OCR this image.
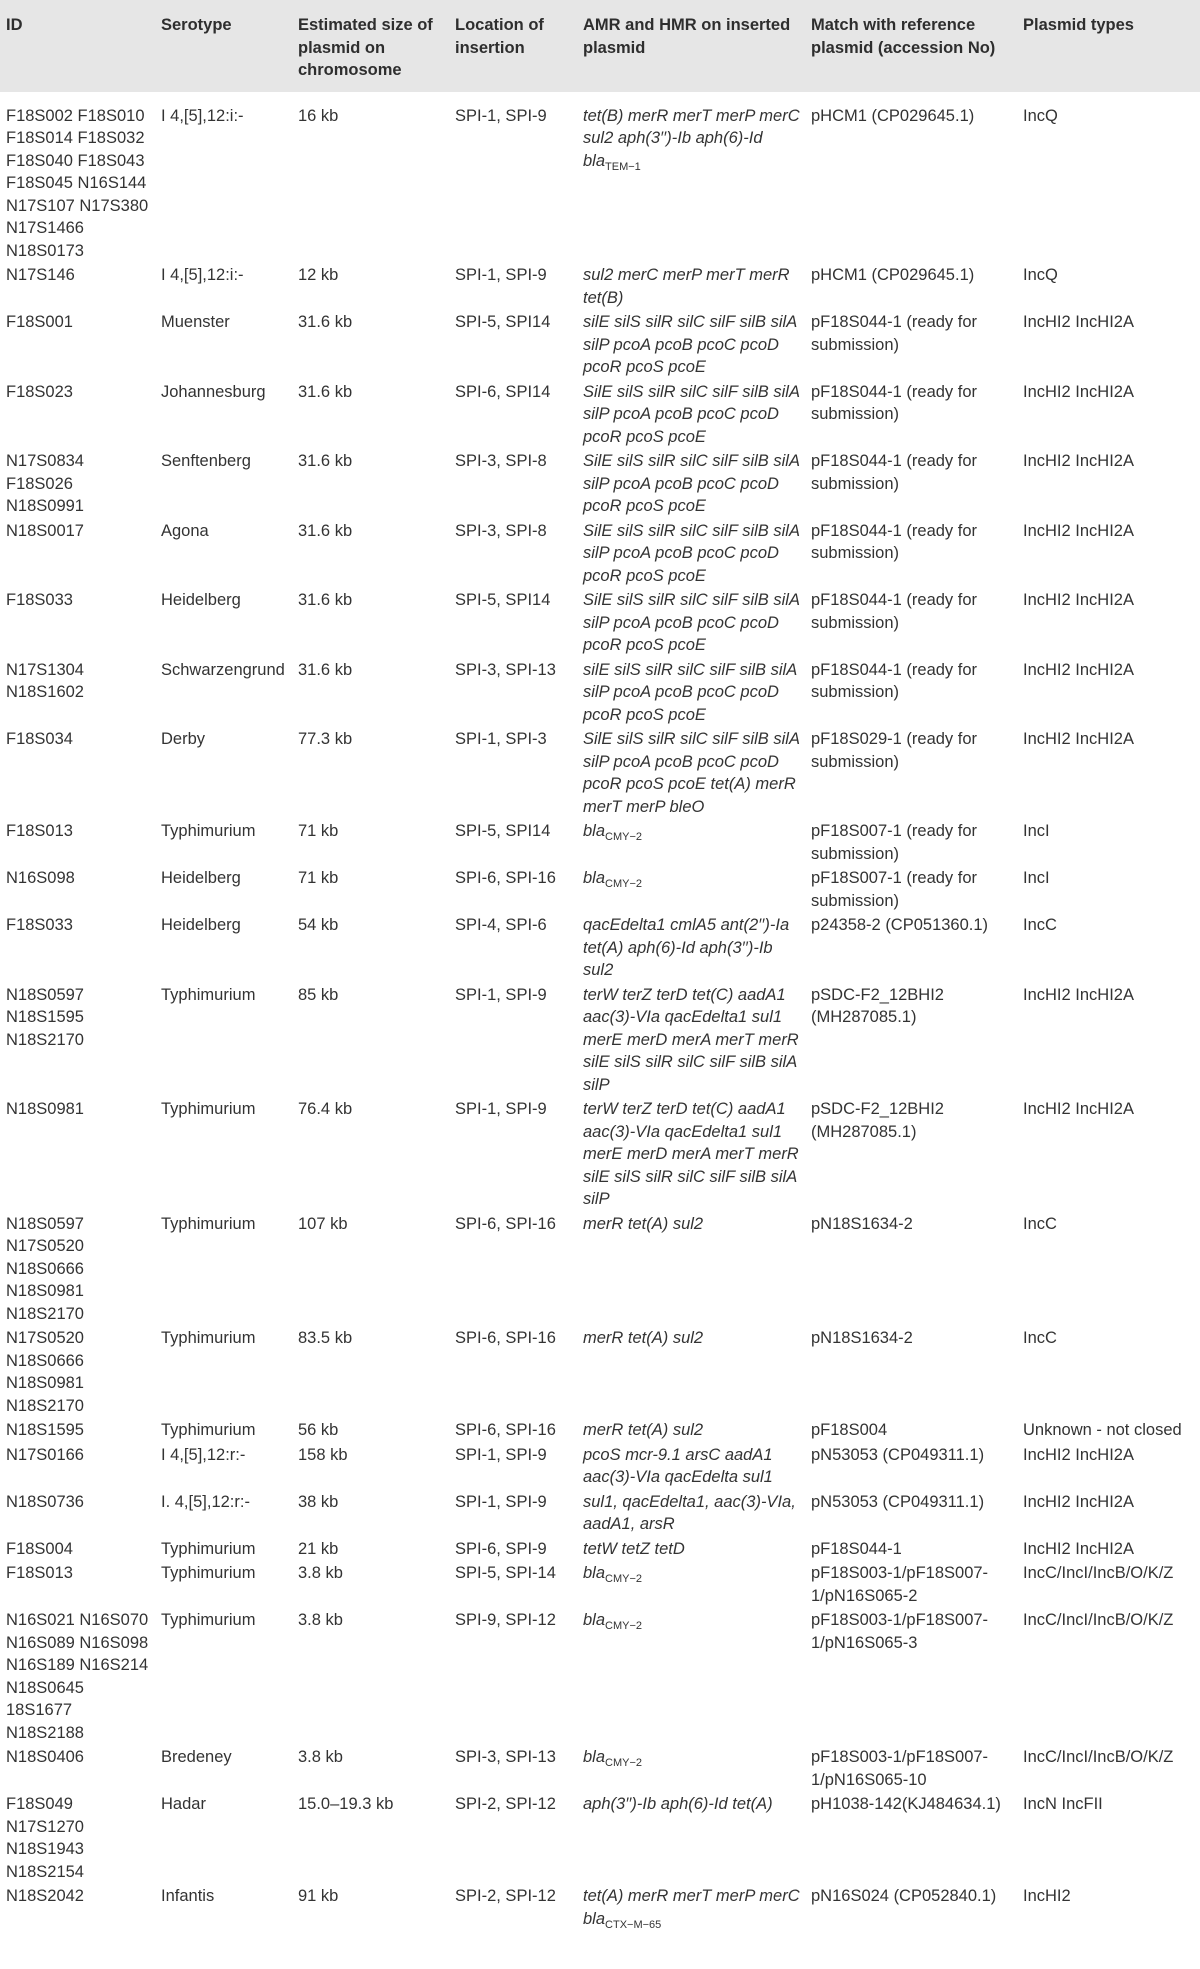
ID	Serotype	Estimated size of plasmid on chromosome	Location of insertion	AMR and HMR on inserted plasmid	Match with reference plasmid (accession No)	Plasmid types
F18S002 F18S010 F18S014 F18S032 F18S040 F18S043 F18S045 N16S144 N17S107 N17S380 N17S1466 N18S0173	I 4,[5],12:i:-	16 kb	SPI-1, SPI-9	tet(B) merR merT merP merC sul2 aph(3′′)-Ib aph(6)-Id bla$_{TEM-1}$	pHCM1 (CP029645.1)	IncQ
N17S146	I 4,[5],12:i:-	12 kb	SPI-1, SPI-9	sul2 merC merP merT merR tet(B)	pHCM1 (CP029645.1)	IncQ
F18S001	Muenster	31.6 kb	SPI-5, SPI14	silE silS silR silC silF silB silA silP pcoA pcoB pcoC pcoD pcoR pcoS pcoE	pF18S044-1 (ready for submission)	IncHI2 IncHI2A
F18S023	Johannesburg	31.6 kb	SPI-6, SPI14	SilE silS silR silC silF silB silA silP pcoA pcoB pcoC pcoD pcoR pcoS pcoE	pF18S044-1 (ready for submission)	IncHI2 IncHI2A
N17S0834 F18S026 N18S0991	Senftenberg	31.6 kb	SPI-3, SPI-8	SilE silS silR silC silF silB silA silP pcoA pcoB pcoC pcoD pcoR pcoS pcoE	pF18S044-1 (ready for submission)	IncHI2 IncHI2A
N18S0017	Agona	31.6 kb	SPI-3, SPI-8	SilE silS silR silC silF silB silA silP pcoA pcoB pcoC pcoD pcoR pcoS pcoE	pF18S044-1 (ready for submission)	IncHI2 IncHI2A
F18S033	Heidelberg	31.6 kb	SPI-5, SPI14	SilE silS silR silC silF silB silA silP pcoA pcoB pcoC pcoD pcoR pcoS pcoE	pF18S044-1 (ready for submission)	IncHI2 IncHI2A
N17S1304 N18S1602	Schwarzengrund	31.6 kb	SPI-3, SPI-13	silE silS silR silC silF silB silA silP pcoA pcoB pcoC pcoD pcoR pcoS pcoE	pF18S044-1 (ready for submission)	IncHI2 IncHI2A
F18S034	Derby	77.3 kb	SPI-1, SPI-3	SilE silS silR silC silF silB silA silP pcoA pcoB pcoC pcoD pcoR pcoS pcoE tet(A) merR merT merP bleO	pF18S029-1 (ready for submission)	IncHI2 IncHI2A
F18S013	Typhimurium	71 kb	SPI-5, SPI14	bla$_{CMY-2}$	pF18S007-1 (ready for submission)	IncI
N16S098	Heidelberg	71 kb	SPI-6, SPI-16	bla$_{CMY-2}$	pF18S007-1 (ready for submission)	IncI
F18S033	Heidelberg	54 kb	SPI-4, SPI-6	qacEdelta1 cmlA5 ant(2′′)-Ia tet(A) aph(6)-Id aph(3′′)-Ib sul2	p24358-2 (CP051360.1)	IncC
N18S0597 N18S1595 N18S2170	Typhimurium	85 kb	SPI-1, SPI-9	terW terZ terD tet(C) aadA1 aac(3)-VIa qacEdelta1 sul1 merE merD merA merT merR silE silS silR silC silF silB silA silP	pSDC-F2_12BHI2 (MH287085.1)	IncHI2 IncHI2A
N18S0981	Typhimurium	76.4 kb	SPI-1, SPI-9	terW terZ terD tet(C) aadA1 aac(3)-VIa qacEdelta1 sul1 merE merD merA merT merR silE silS silR silC silF silB silA silP	pSDC-F2_12BHI2 (MH287085.1)	IncHI2 IncHI2A
N18S0597 N17S0520 N18S0666 N18S0981 N18S2170	Typhimurium	107 kb	SPI-6, SPI-16	merR tet(A) sul2	pN18S1634-2	IncC
N17S0520 N18S0666 N18S0981 N18S2170	Typhimurium	83.5 kb	SPI-6, SPI-16	merR tet(A) sul2	pN18S1634-2	IncC
N18S1595	Typhimurium	56 kb	SPI-6, SPI-16	merR tet(A) sul2	pF18S004	Unknown - not closed
N17S0166	I 4,[5],12:r:-	158 kb	SPI-1, SPI-9	pcoS mcr-9.1 arsC aadA1 aac(3)-VIa qacEdelta sul1	pN53053 (CP049311.1)	IncHI2 IncHI2A
N18S0736	I. 4,[5],12:r:-	38 kb	SPI-1, SPI-9	sul1, qacEdelta1, aac(3)-VIa, aadA1, arsR	pN53053 (CP049311.1)	IncHI2 IncHI2A
F18S004	Typhimurium	21 kb	SPI-6, SPI-9	tetW tetZ tetD	pF18S044-1	IncHI2 IncHI2A
F18S013	Typhimurium	3.8 kb	SPI-5, SPI-14	bla$_{CMY-2}$	pF18S003-1/pF18S007-1/pN16S065-2	IncC/IncI/IncB/O/K/Z
N16S021 N16S070 N16S089 N16S098 N16S189 N16S214 N18S0645 18S1677 N18S2188	Typhimurium	3.8 kb	SPI-9, SPI-12	bla$_{CMY-2}$	pF18S003-1/pF18S007-1/pN16S065-3	IncC/IncI/IncB/O/K/Z
N18S0406	Bredeney	3.8 kb	SPI-3, SPI-13	bla$_{CMY-2}$	pF18S003-1/pF18S007-1/pN16S065-10	IncC/IncI/IncB/O/K/Z
F18S049 N17S1270 N18S1943 N18S2154	Hadar	15.0–19.3 kb	SPI-2, SPI-12	aph(3′′)-Ib aph(6)-Id tet(A)	pH1038-142(KJ484634.1)	IncN IncFII
N18S2042	Infantis	91 kb	SPI-2, SPI-12	tet(A) merR merT merP merC bla$_{CTX-M-65}$	pN16S024 (CP052840.1)	IncHI2
